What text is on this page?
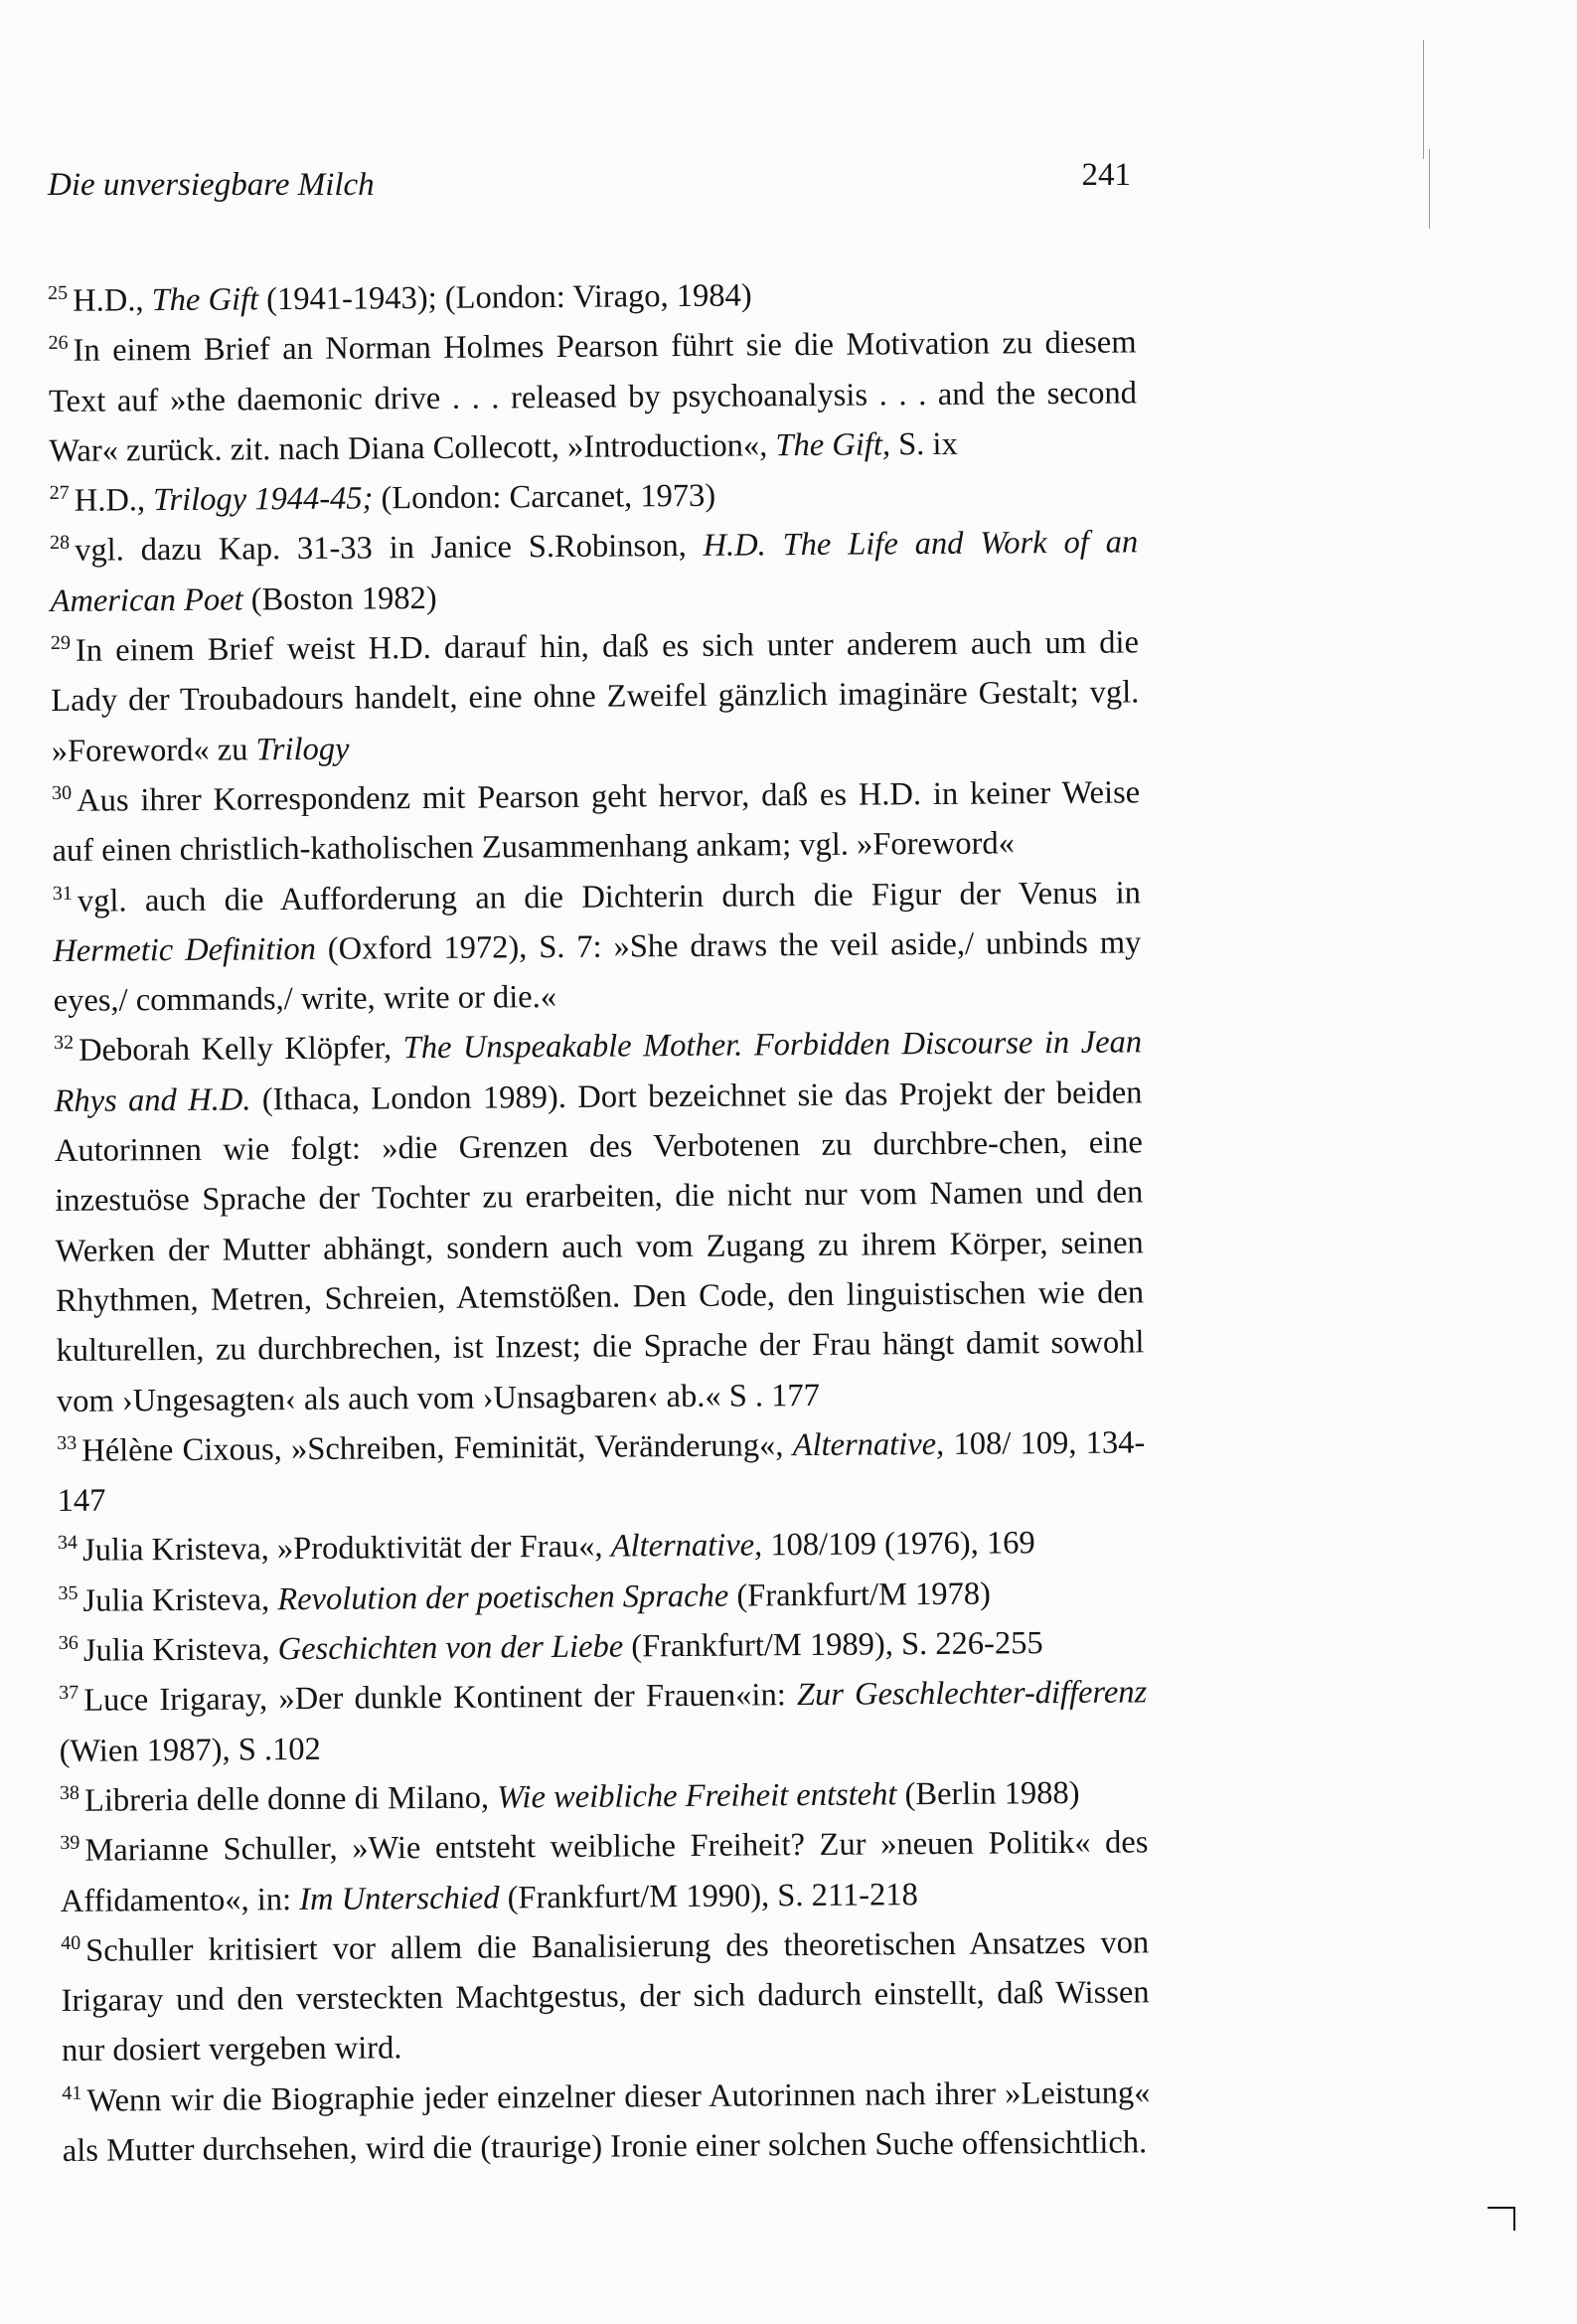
Die unversiegbare Milch	241

$^{25}$ H.D., The Gift (1941-1943); (London: Virago, 1984)

$^{26}$ In einem Brief an Norman Holmes Pearson führt sie die Motivation zu diesem Text auf »the daemonic drive . . . released by psychoanalysis . . . and the second War« zurück. zit. nach Diana Collecott, »Introduction«, The Gift, S. ix

$^{27}$ H.D., Trilogy 1944-45; (London: Carcanet, 1973)

$^{28}$ vgl. dazu Kap. 31-33 in Janice S.Robinson, H.D. The Life and Work of an American Poet (Boston 1982)

$^{29}$ In einem Brief weist H.D. darauf hin, daß es sich unter anderem auch um die Lady der Troubadours handelt, eine ohne Zweifel gänzlich imaginäre Gestalt; vgl. »Foreword« zu Trilogy

$^{30}$ Aus ihrer Korrespondenz mit Pearson geht hervor, daß es H.D. in keiner Weise auf einen christlich-katholischen Zusammenhang ankam; vgl. »Foreword«

$^{31}$ vgl. auch die Aufforderung an die Dichterin durch die Figur der Venus in Hermetic Definition (Oxford 1972), S. 7: »She draws the veil aside,/ unbinds my eyes,/ commands,/ write, write or die.«

$^{32}$ Deborah Kelly Klöpfer, The Unspeakable Mother. Forbidden Discourse in Jean Rhys and H.D. (Ithaca, London 1989). Dort bezeichnet sie das Projekt der beiden Autorinnen wie folgt: »die Grenzen des Verbotenen zu durchbre-chen, eine inzestuöse Sprache der Tochter zu erarbeiten, die nicht nur vom Namen und den Werken der Mutter abhängt, sondern auch vom Zugang zu ihrem Körper, seinen Rhythmen, Metren, Schreien, Atemstößen. Den Code, den linguistischen wie den kulturellen, zu durchbrechen, ist Inzest; die Sprache der Frau hängt damit sowohl vom ›Ungesagten‹ als auch vom ›Unsagbaren‹ ab.« S . 177

$^{33}$ Hélène Cixous, »Schreiben, Feminität, Veränderung«, Alternative, 108/ 109, 134-147

$^{34}$ Julia Kristeva, »Produktivität der Frau«, Alternative, 108/109 (1976), 169

$^{35}$ Julia Kristeva, Revolution der poetischen Sprache (Frankfurt/M 1978)

$^{36}$ Julia Kristeva, Geschichten von der Liebe (Frankfurt/M 1989), S. 226-255

$^{37}$ Luce Irigaray, »Der dunkle Kontinent der Frauen«in: Zur Geschlechter-differenz (Wien 1987), S .102

$^{38}$ Libreria delle donne di Milano, Wie weibliche Freiheit entsteht (Berlin 1988)

$^{39}$ Marianne Schuller, »Wie entsteht weibliche Freiheit? Zur »neuen Politik« des Affidamento«, in: Im Unterschied (Frankfurt/M 1990), S. 211-218

$^{40}$ Schuller kritisiert vor allem die Banalisierung des theoretischen Ansatzes von Irigaray und den versteckten Machtgestus, der sich dadurch einstellt, daß Wissen nur dosiert vergeben wird.

$^{41}$ Wenn wir die Biographie jeder einzelner dieser Autorinnen nach ihrer »Leistung« als Mutter durchsehen, wird die (traurige) Ironie einer solchen Suche offensichtlich.
